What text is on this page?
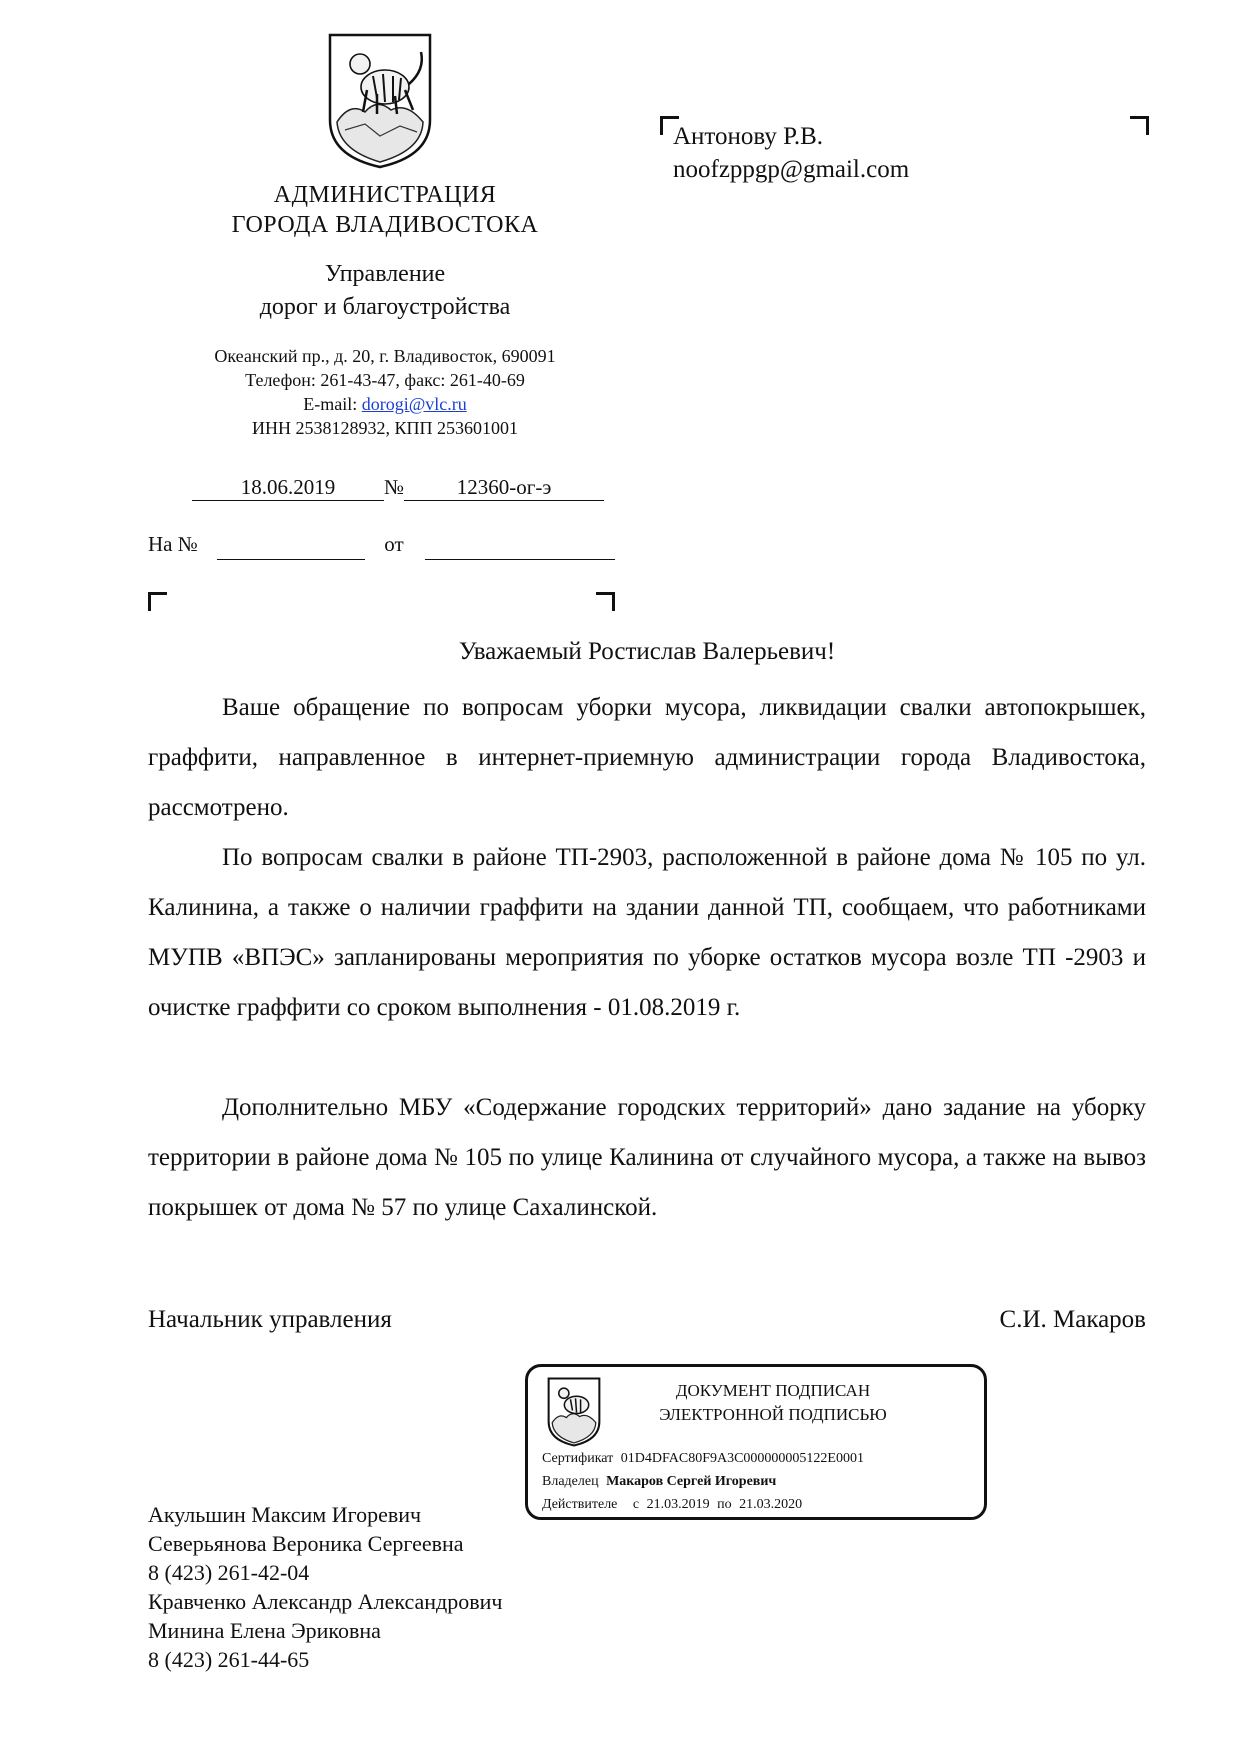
АДМИНИСТРАЦИЯ
ГОРОДА ВЛАДИВОСТОКА
Управление
дорог и благоустройства
Океанский пр., д. 20, г. Владивосток, 690091
Телефон: 261-43-47, факс: 261-40-69
E-mail: dorogi@vlc.ru
ИНН 2538128932, КПП 253601001
18.06.2019 №	12360-ог-э
На №	от
Антонову Р.В.
noofzppgp@gmail.com
Уважаемый Ростислав Валерьевич!

Ваше обращение по вопросам уборки мусора, ликвидации свалки автопокрышек, граффити, направленное в интернет-приемную администрации города Владивостока, рассмотрено.

По вопросам свалки в районе ТП-2903, расположенной в районе дома № 105 по ул. Калинина, а также о наличии граффити на здании данной ТП, сообщаем, что работниками МУПВ «ВПЭС» запланированы мероприятия по уборке остатков мусора возле ТП -2903 и очистке граффити со сроком выполнения - 01.08.2019 г.

Дополнительно МБУ «Содержание городских территорий» дано задание на уборку территории в районе дома № 105 по улице Калинина от случайного мусора, а также на вывоз покрышек от дома № 57 по улице Сахалинской.

Начальник управления	С.И. Макаров
ДОКУМЕНТ ПОДПИСАН
ЭЛЕКТРОННОЙ ПОДПИСЬЮ
Сертификат 01D4DFAC80F9A3C000000005122E0001
Владелец Макаров Сергей Игоревич
Действителе с 21.03.2019 по 21.03.2020
Акульшин Максим Игоревич
Северьянова Вероника Сергеевна
8 (423) 261-42-04
Кравченко Александр Александрович
Минина Елена Эриковна
8 (423) 261-44-65
